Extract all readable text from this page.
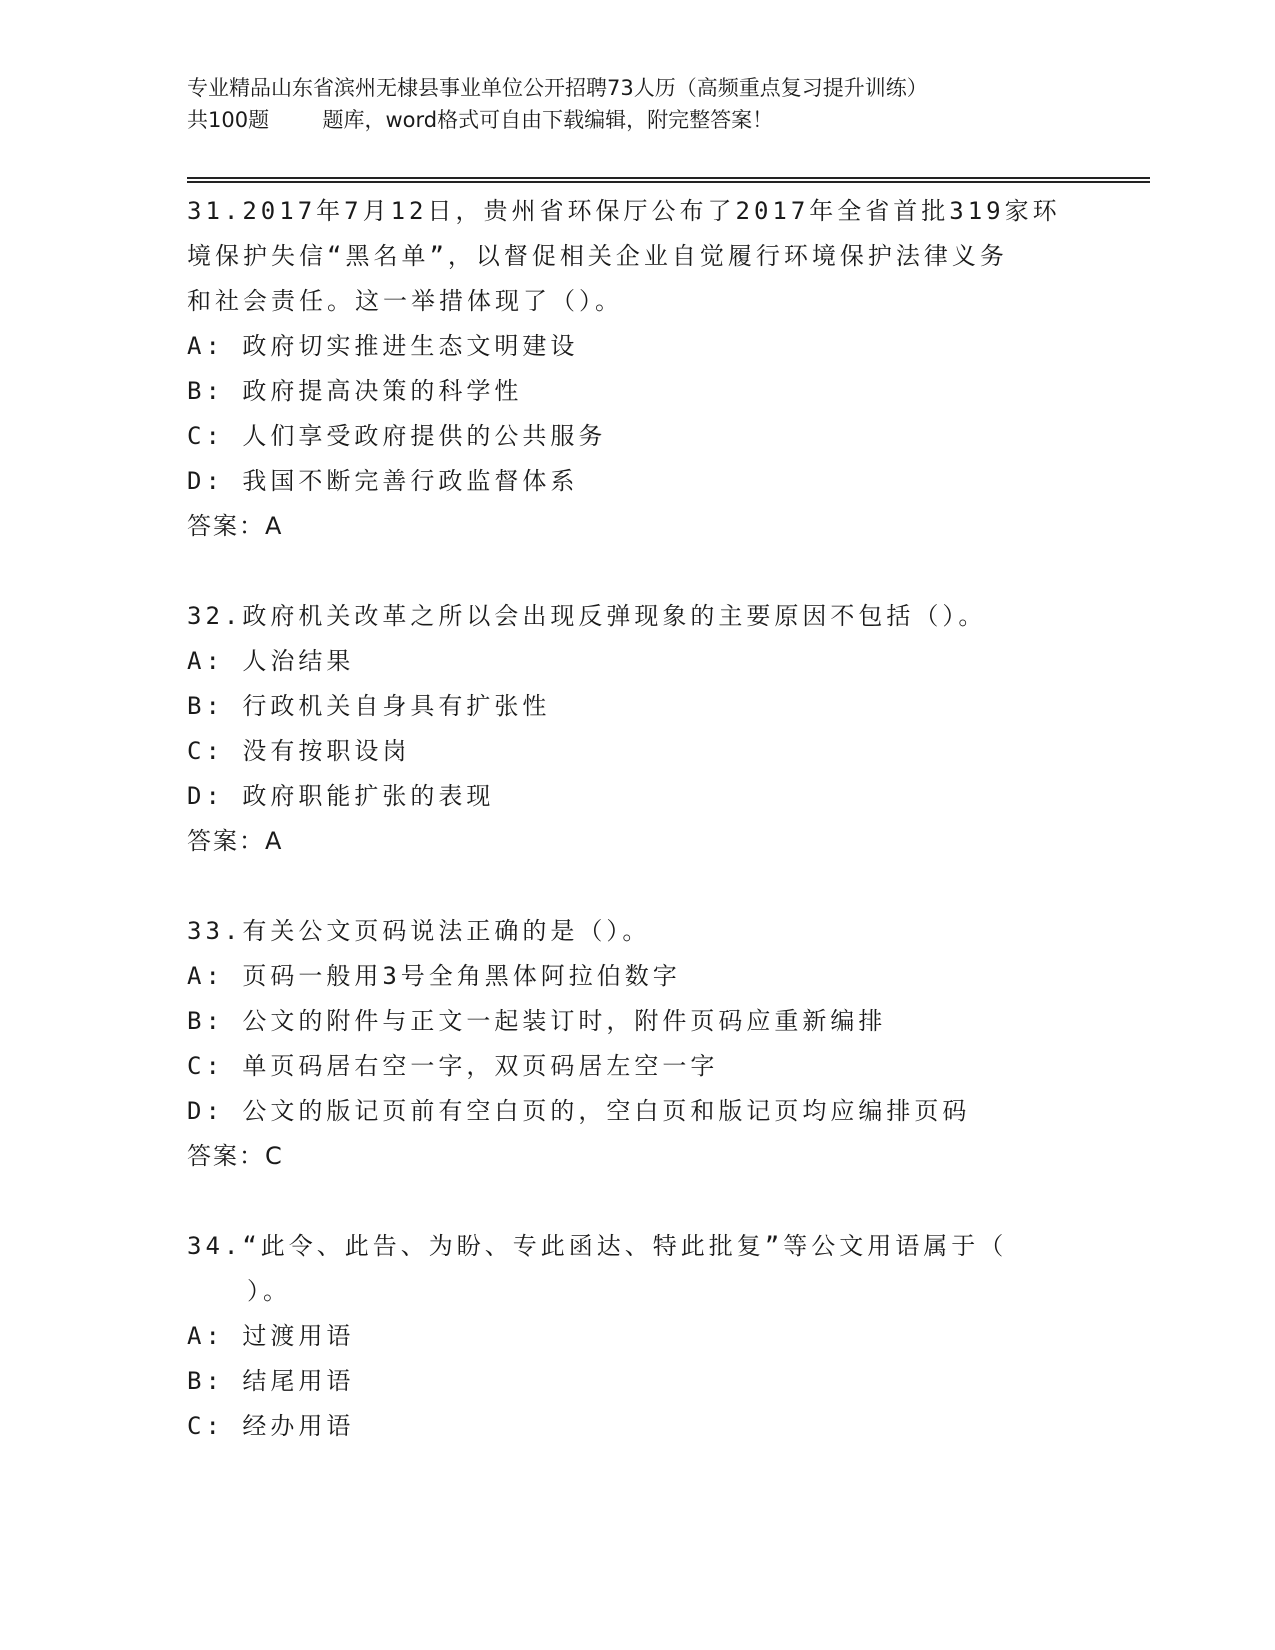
专业精品山东省滨州无棣县事业单位公开招聘73人历（高频重点复习提升训练）
共100题        题库，word格式可自由下载编辑，附完整答案！
31.2017年7月12日，贵州省环保厅公布了2017年全省首批319家环
境保护失信“黑名单”，以督促相关企业自觉履行环境保护法律义务
和社会责任。这一举措体现了（）。
A: 政府切实推进生态文明建设
B: 政府提高决策的科学性
C: 人们享受政府提供的公共服务
D: 我国不断完善行政监督体系
答案：A
32.政府机关改革之所以会出现反弹现象的主要原因不包括（）。
A: 人治结果
B: 行政机关自身具有扩张性
C: 没有按职设岗
D: 政府职能扩张的表现
答案：A
33.有关公文页码说法正确的是（）。
A: 页码一般用3号全角黑体阿拉伯数字
B: 公文的附件与正文一起装订时，附件页码应重新编排
C: 单页码居右空一字，双页码居左空一字
D: 公文的版记页前有空白页的，空白页和版记页均应编排页码
答案：C
34.“此令、此告、为盼、专此函达、特此批复”等公文用语属于（
）。
A: 过渡用语
B: 结尾用语
C: 经办用语
